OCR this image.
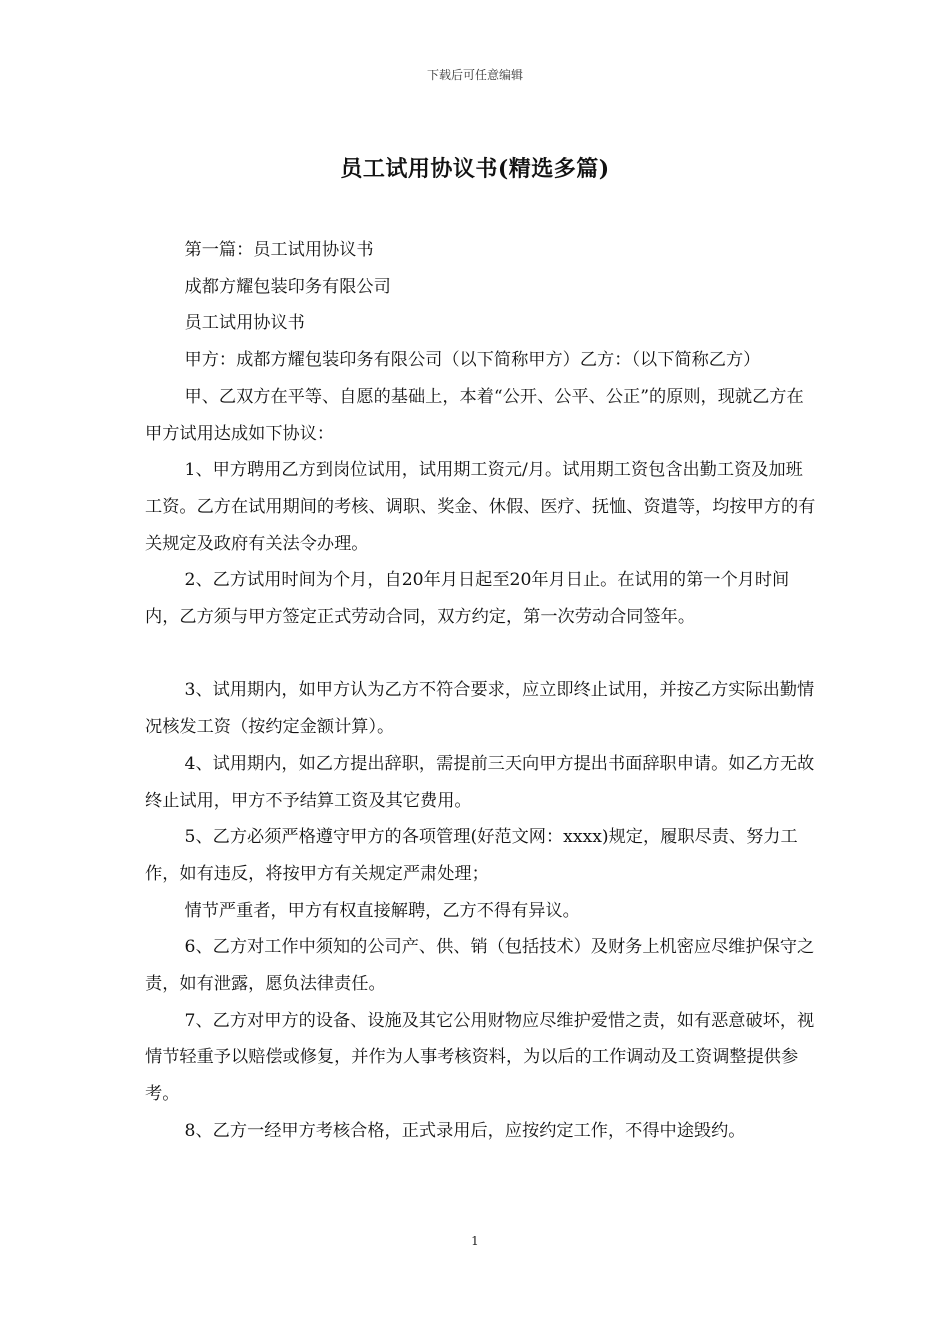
下载后可任意编辑
员工试用协议书(精选多篇)

第一篇：员工试用协议书

成都方耀包装印务有限公司

员工试用协议书

甲方：成都方耀包装印务有限公司（以下简称甲方）乙方：（以下简称乙方）

甲、乙双方在平等、自愿的基础上，本着“公开、公平、公正”的原则，现就乙方在甲方试用达成如下协议：

1、甲方聘用乙方到岗位试用，试用期工资元/月。试用期工资包含出勤工资及加班工资。乙方在试用期间的考核、调职、奖金、休假、医疗、抚恤、资遣等，均按甲方的有关规定及政府有关法令办理。

2、乙方试用时间为个月，自20年月日起至20年月日止。在试用的第一个月时间内，乙方须与甲方签定正式劳动合同，双方约定，第一次劳动合同签年。

3、试用期内，如甲方认为乙方不符合要求，应立即终止试用，并按乙方实际出勤情况核发工资（按约定金额计算）。

4、试用期内，如乙方提出辞职，需提前三天向甲方提出书面辞职申请。如乙方无故终止试用，甲方不予结算工资及其它费用。

5、乙方必须严格遵守甲方的各项管理(好范文网：xxxx)规定，履职尽责、努力工作，如有违反，将按甲方有关规定严肃处理；

情节严重者，甲方有权直接解聘，乙方不得有异议。

6、乙方对工作中须知的公司产、供、销（包括技术）及财务上机密应尽维护保守之责，如有泄露，愿负法律责任。

7、乙方对甲方的设备、设施及其它公用财物应尽维护爱惜之责，如有恶意破坏，视情节轻重予以赔偿或修复，并作为人事考核资料，为以后的工作调动及工资调整提供参考。

8、乙方一经甲方考核合格，正式录用后，应按约定工作，不得中途毁约。

1
